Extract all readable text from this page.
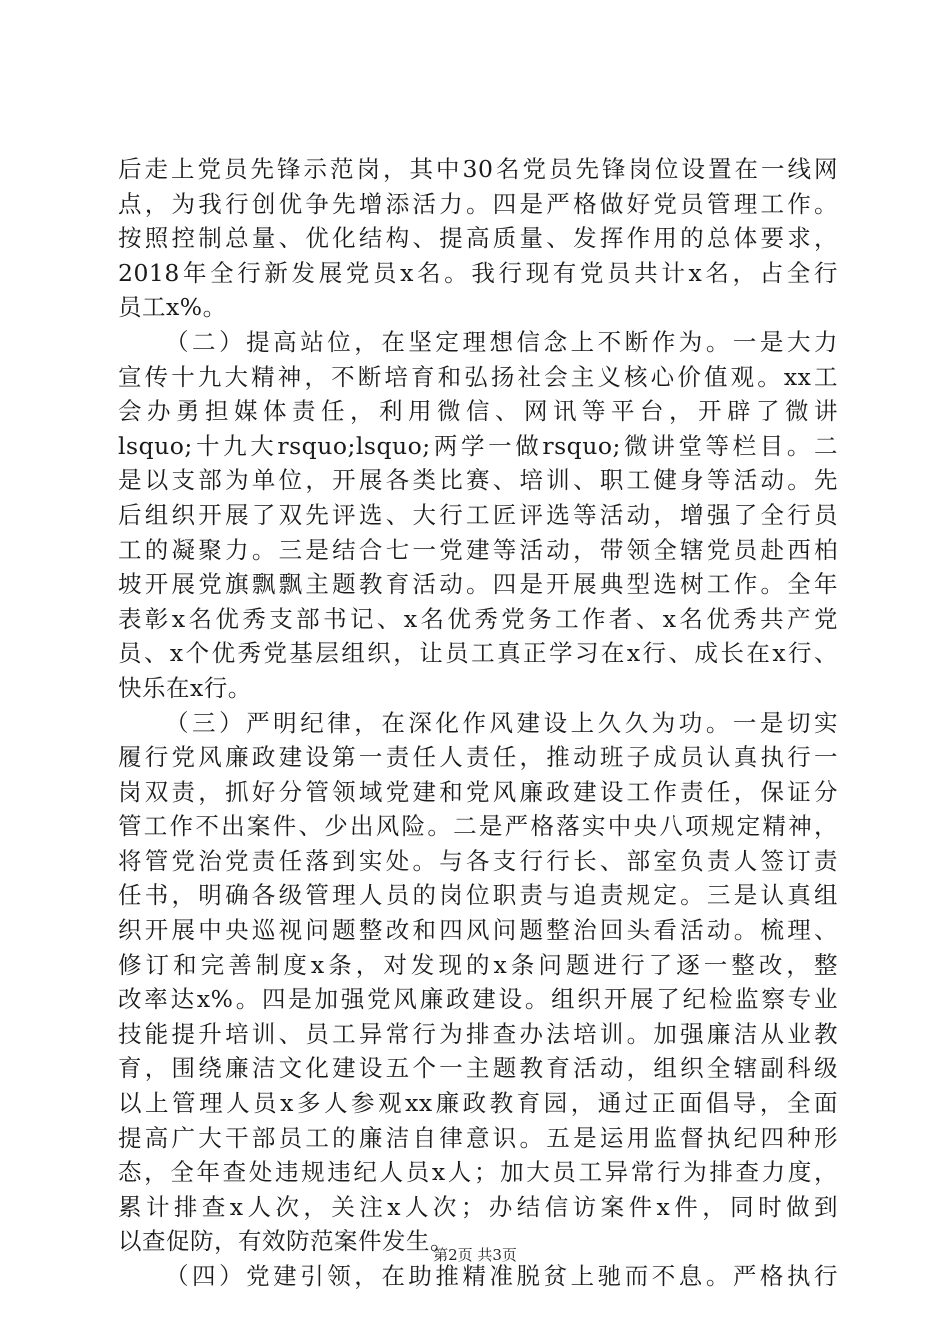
后走上党员先锋示范岗，其中30名党员先锋岗位设置在一线网
点，为我行创优争先增添活力。四是严格做好党员管理工作。
按照控制总量、优化结构、提高质量、发挥作用的总体要求，
2018年全行新发展党员x名。我行现有党员共计x名，占全行
员工x%。
（二）提高站位，在坚定理想信念上不断作为。一是大力
宣传十九大精神，不断培育和弘扬社会主义核心价值观。xx工
会办勇担媒体责任，利用微信、网讯等平台，开辟了微讲
lsquo;十九大rsquo;lsquo;两学一做rsquo;微讲堂等栏目。二
是以支部为单位，开展各类比赛、培训、职工健身等活动。先
后组织开展了双先评选、大行工匠评选等活动，增强了全行员
工的凝聚力。三是结合七一党建等活动，带领全辖党员赴西柏
坡开展党旗飘飘主题教育活动。四是开展典型选树工作。全年
表彰x名优秀支部书记、x名优秀党务工作者、x名优秀共产党
员、x个优秀党基层组织，让员工真正学习在x行、成长在x行、
快乐在x行。
（三）严明纪律，在深化作风建设上久久为功。一是切实
履行党风廉政建设第一责任人责任，推动班子成员认真执行一
岗双责，抓好分管领域党建和党风廉政建设工作责任，保证分
管工作不出案件、少出风险。二是严格落实中央八项规定精神，
将管党治党责任落到实处。与各支行行长、部室负责人签订责
任书，明确各级管理人员的岗位职责与追责规定。三是认真组
织开展中央巡视问题整改和四风问题整治回头看活动。梳理、
修订和完善制度x条，对发现的x条问题进行了逐一整改，整
改率达x%。四是加强党风廉政建设。组织开展了纪检监察专业
技能提升培训、员工异常行为排查办法培训。加强廉洁从业教
育，围绕廉洁文化建设五个一主题教育活动，组织全辖副科级
以上管理人员x多人参观xx廉政教育园，通过正面倡导，全面
提高广大干部员工的廉洁自律意识。五是运用监督执纪四种形
态，全年查处违规违纪人员x人；加大员工异常行为排查力度，
累计排查x人次，关注x人次；办结信访案件x件，同时做到
以查促防，有效防范案件发生。
（四）党建引领，在助推精准脱贫上驰而不息。严格执行
第2页 共3页
